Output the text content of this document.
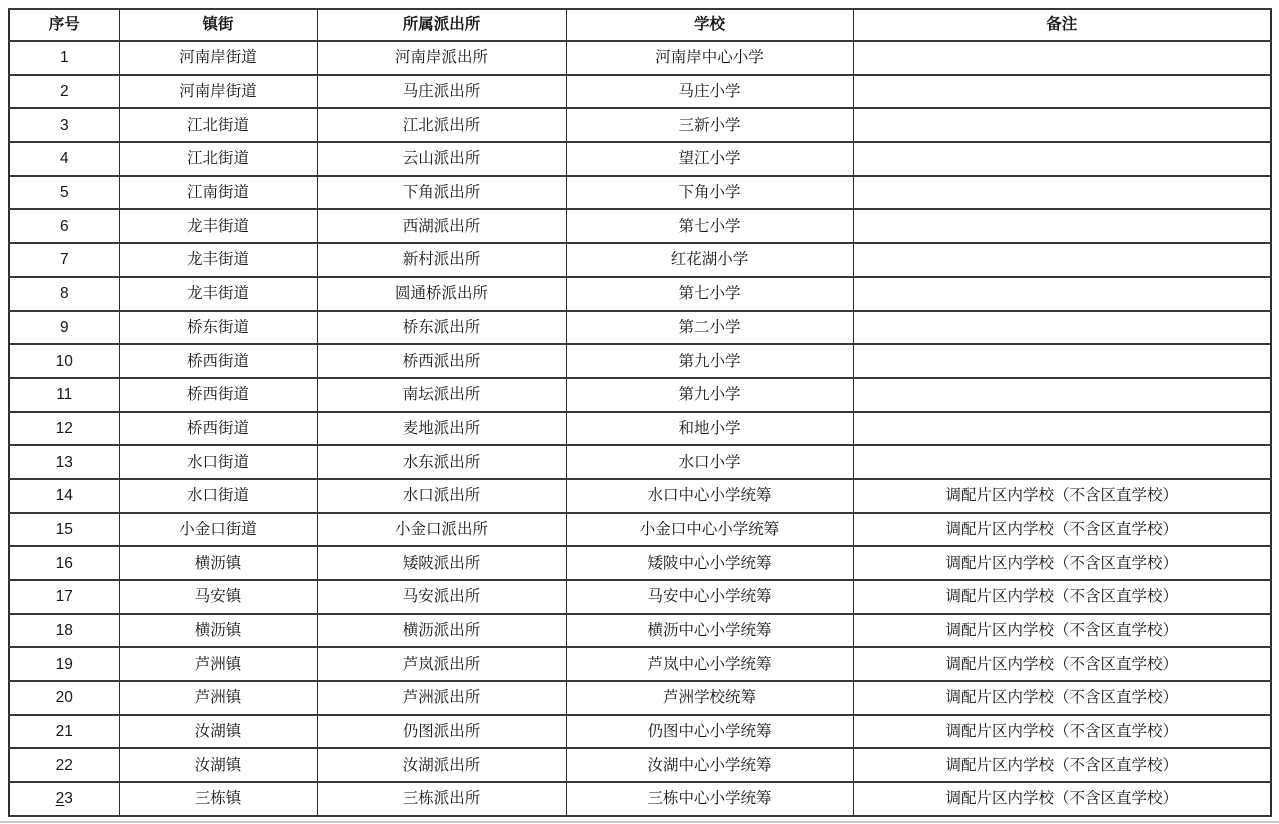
序号	镇街	所属派出所	学校	备注
1	河南岸街道	河南岸派出所	河南岸中心小学	
2	河南岸街道	马庄派出所	马庄小学	
3	江北街道	江北派出所	三新小学	
4	江北街道	云山派出所	望江小学	
5	江南街道	下角派出所	下角小学	
6	龙丰街道	西湖派出所	第七小学	
7	龙丰街道	新村派出所	红花湖小学	
8	龙丰街道	圆通桥派出所	第七小学	
9	桥东街道	桥东派出所	第二小学	
10	桥西街道	桥西派出所	第九小学	
11	桥西街道	南坛派出所	第九小学	
12	桥西街道	麦地派出所	和地小学	
13	水口街道	水东派出所	水口小学	
14	水口街道	水口派出所	水口中心小学统筹	调配片区内学校（不含区直学校）
15	小金口街道	小金口派出所	小金口中心小学统筹	调配片区内学校（不含区直学校）
16	横沥镇	矮陂派出所	矮陂中心小学统筹	调配片区内学校（不含区直学校）
17	马安镇	马安派出所	马安中心小学统筹	调配片区内学校（不含区直学校）
18	横沥镇	横沥派出所	横沥中心小学统筹	调配片区内学校（不含区直学校）
19	芦洲镇	芦岚派出所	芦岚中心小学统筹	调配片区内学校（不含区直学校）
20	芦洲镇	芦洲派出所	芦洲学校统筹	调配片区内学校（不含区直学校）
21	汝湖镇	仍图派出所	仍图中心小学统筹	调配片区内学校（不含区直学校）
22	汝湖镇	汝湖派出所	汝湖中心小学统筹	调配片区内学校（不含区直学校）
23	三栋镇	三栋派出所	三栋中心小学统筹	调配片区内学校（不含区直学校）
